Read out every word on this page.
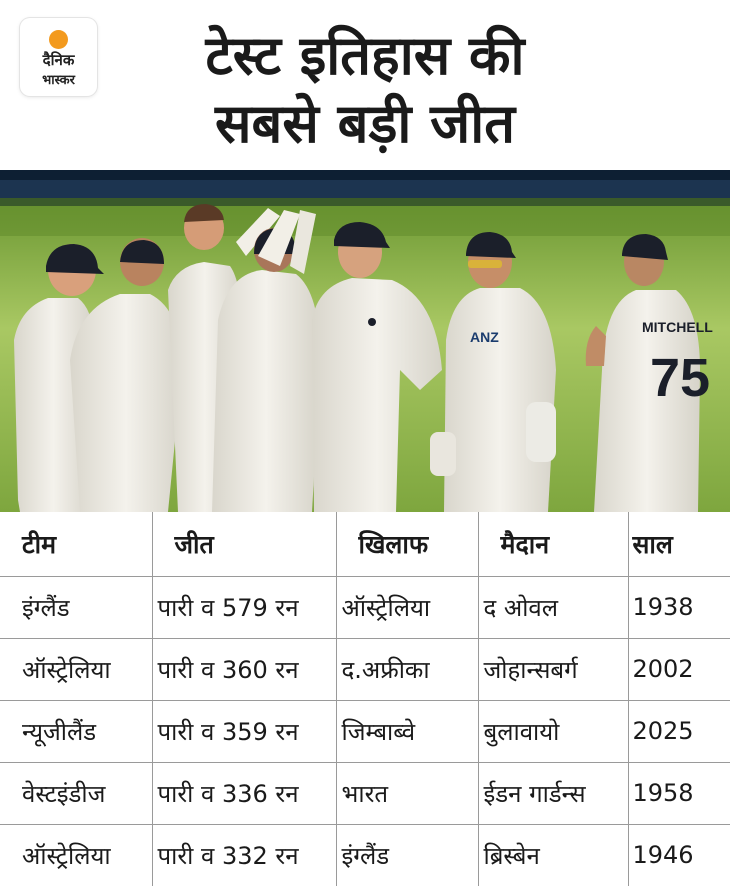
दैनिक
भास्कर	टेस्ट इतिहास की
सबसे बड़ी जीत
ANZ
MITCHELL
75
टीम	जीत	खिलाफ	मैदान	साल
इंग्लैंड	पारी व 579 रन	ऑस्ट्रेलिया	द ओवल	1938
ऑस्ट्रेलिया	पारी व 360 रन	द.अफ्रीका	जोहान्सबर्ग	2002
न्यूजीलैंड	पारी व 359 रन	जिम्बाब्वे	बुलावायो	2025
वेस्टइंडीज	पारी व 336 रन	भारत	ईडन गार्डन्स	1958
ऑस्ट्रेलिया	पारी व 332 रन	इंग्लैंड	ब्रिस्बेन	1946
